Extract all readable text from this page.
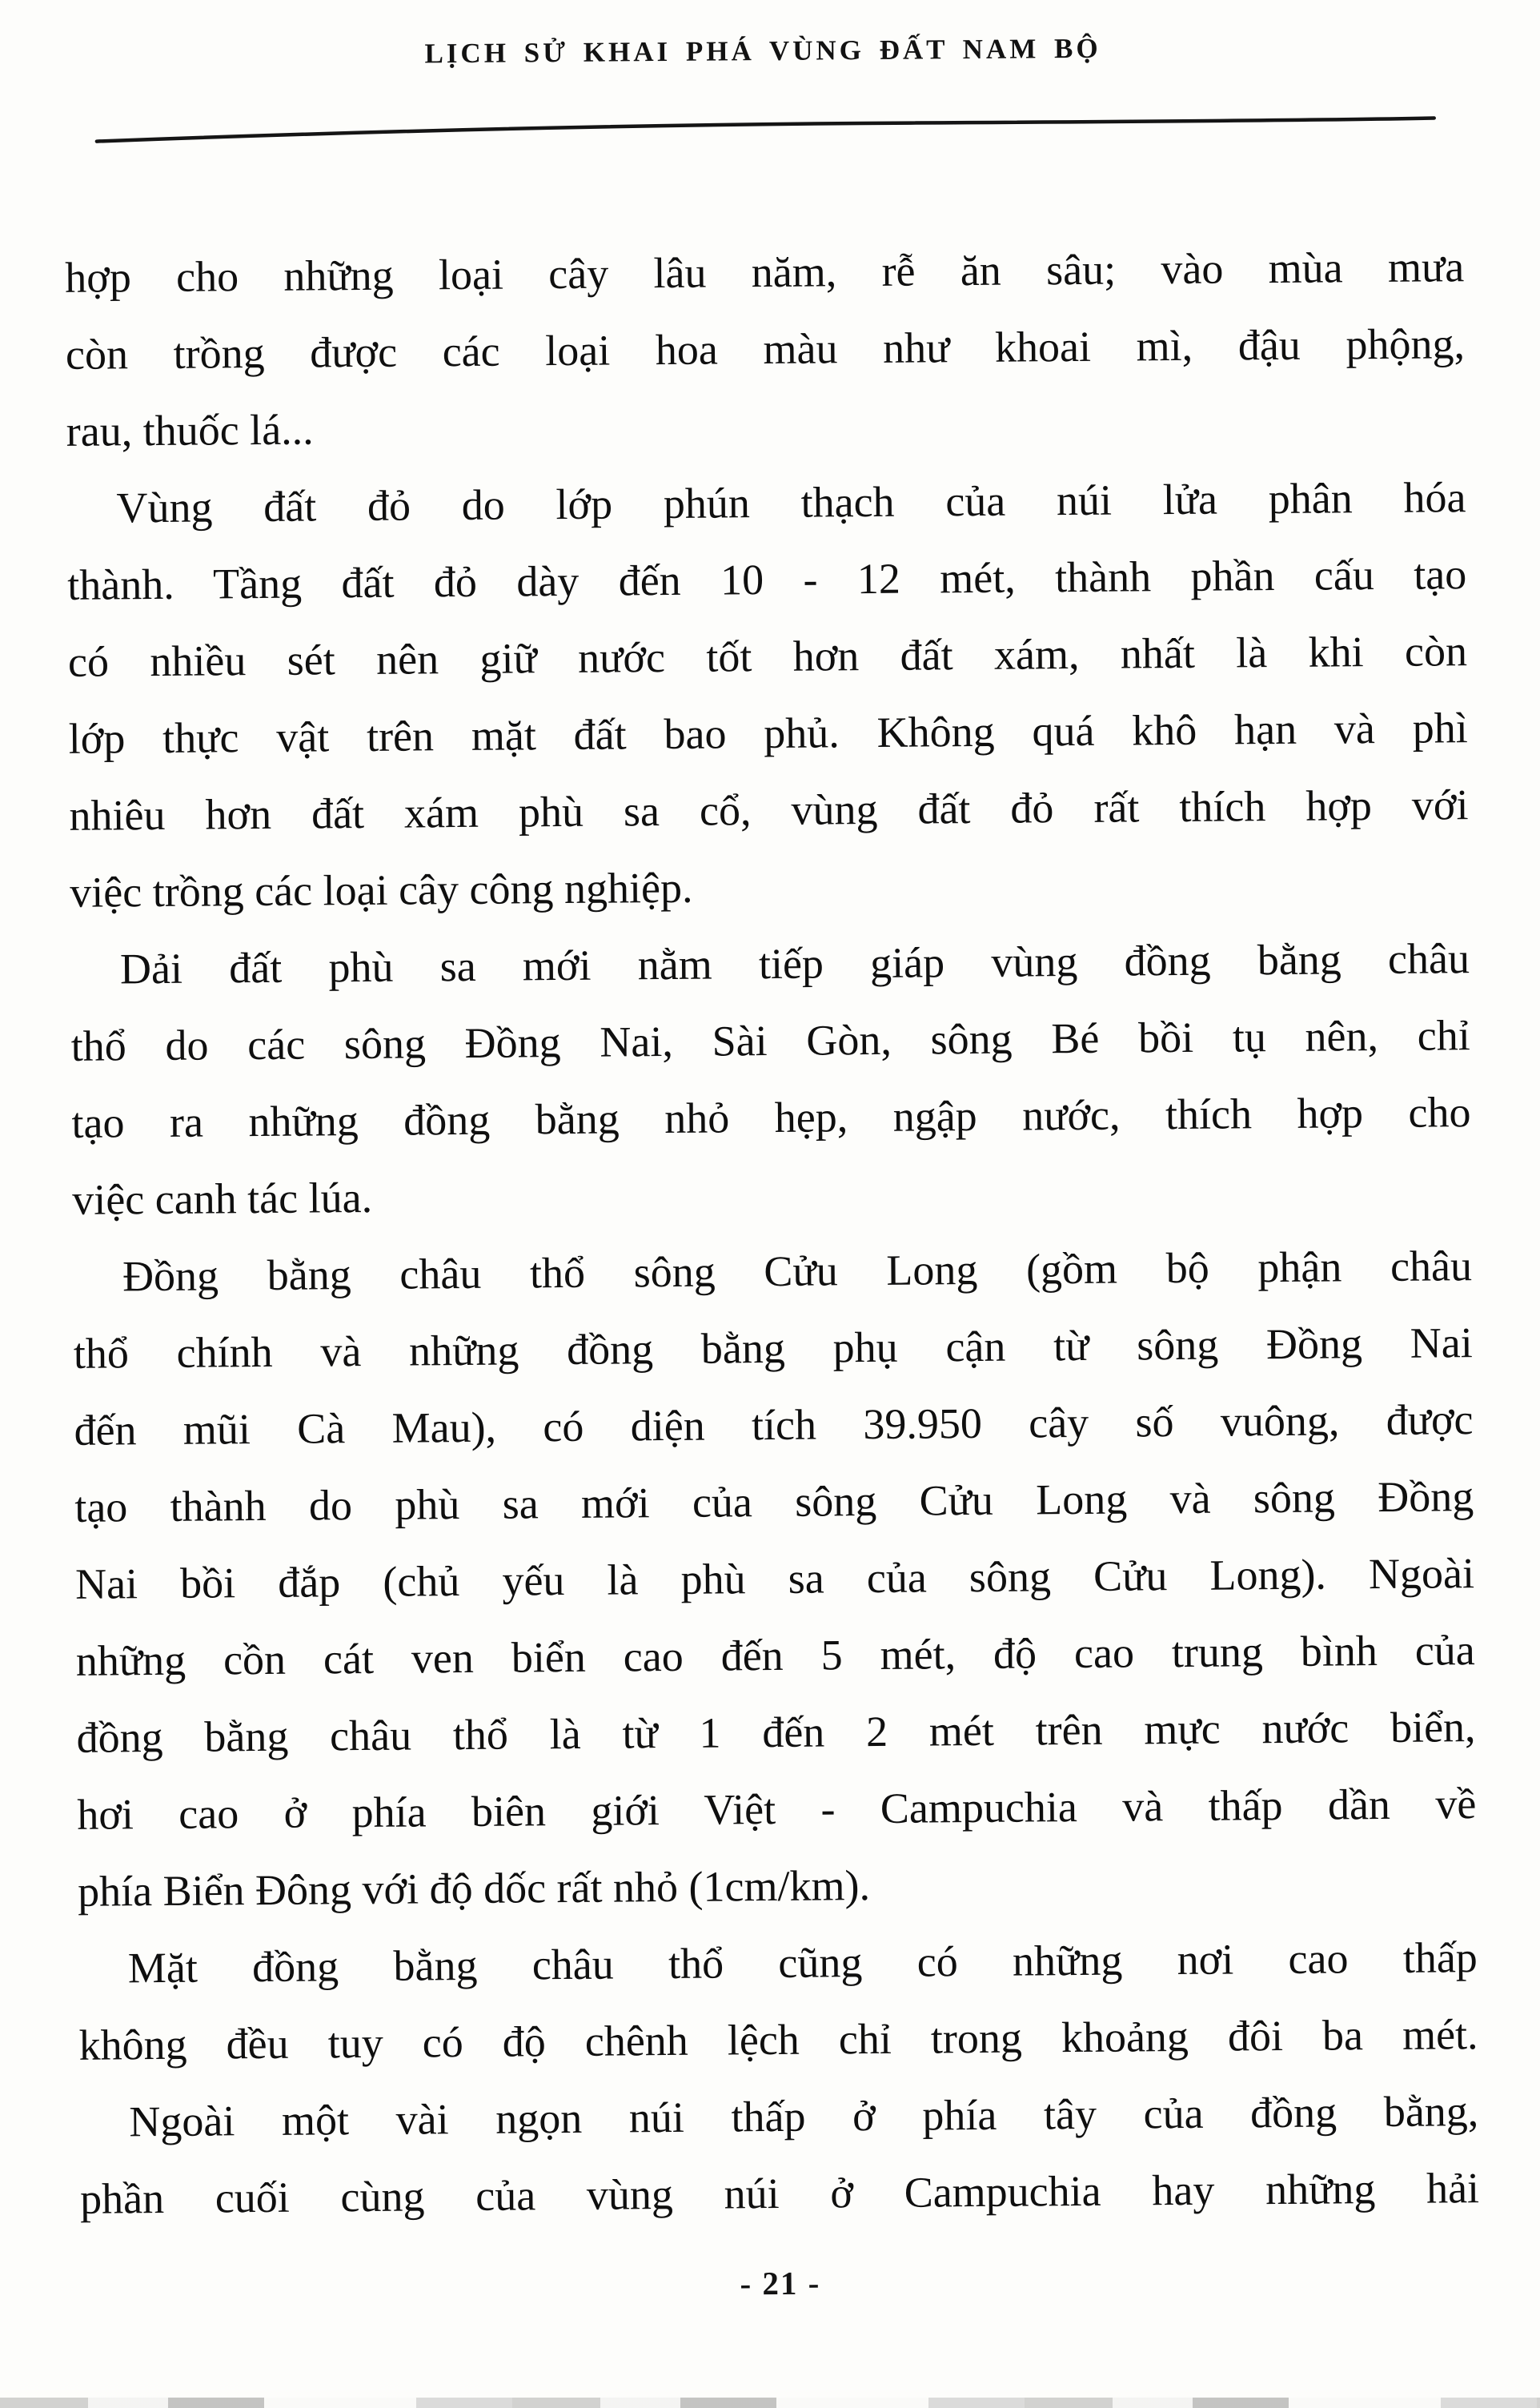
LỊCH SỬ KHAI PHÁ VÙNG ĐẤT NAM BỘ

hợp cho những loại cây lâu năm, rễ ăn sâu; vào mùa mưa

còn trồng được các loại hoa màu như khoai mì, đậu phộng,

rau, thuốc lá...

Vùng đất đỏ do lớp phún thạch của núi lửa phân hóa

thành. Tầng đất đỏ dày đến 10 - 12 mét, thành phần cấu tạo

có nhiều sét nên giữ nước tốt hơn đất xám, nhất là khi còn

lớp thực vật trên mặt đất bao phủ. Không quá khô hạn và phì

nhiêu hơn đất xám phù sa cổ, vùng đất đỏ rất thích hợp với

việc trồng các loại cây công nghiệp.

Dải đất phù sa mới nằm tiếp giáp vùng đồng bằng châu

thổ do các sông Đồng Nai, Sài Gòn, sông Bé bồi tụ nên, chỉ

tạo ra những đồng bằng nhỏ hẹp, ngập nước, thích hợp cho

việc canh tác lúa.

Đồng bằng châu thổ sông Cửu Long (gồm bộ phận châu

thổ chính và những đồng bằng phụ cận từ sông Đồng Nai

đến mũi Cà Mau), có diện tích 39.950 cây số vuông, được

tạo thành do phù sa mới của sông Cửu Long và sông Đồng

Nai bồi đắp (chủ yếu là phù sa của sông Cửu Long). Ngoài

những cồn cát ven biển cao đến 5 mét, độ cao trung bình của

đồng bằng châu thổ là từ 1 đến 2 mét trên mực nước biển,

hơi cao ở phía biên giới Việt - Campuchia và thấp dần về

phía Biển Đông với độ dốc rất nhỏ (1cm/km).

Mặt đồng bằng châu thổ cũng có những nơi cao thấp

không đều tuy có độ chênh lệch chỉ trong khoảng đôi ba mét.

Ngoài một vài ngọn núi thấp ở phía tây của đồng bằng,

phần cuối cùng của vùng núi ở Campuchia hay những hải

- 21 -
